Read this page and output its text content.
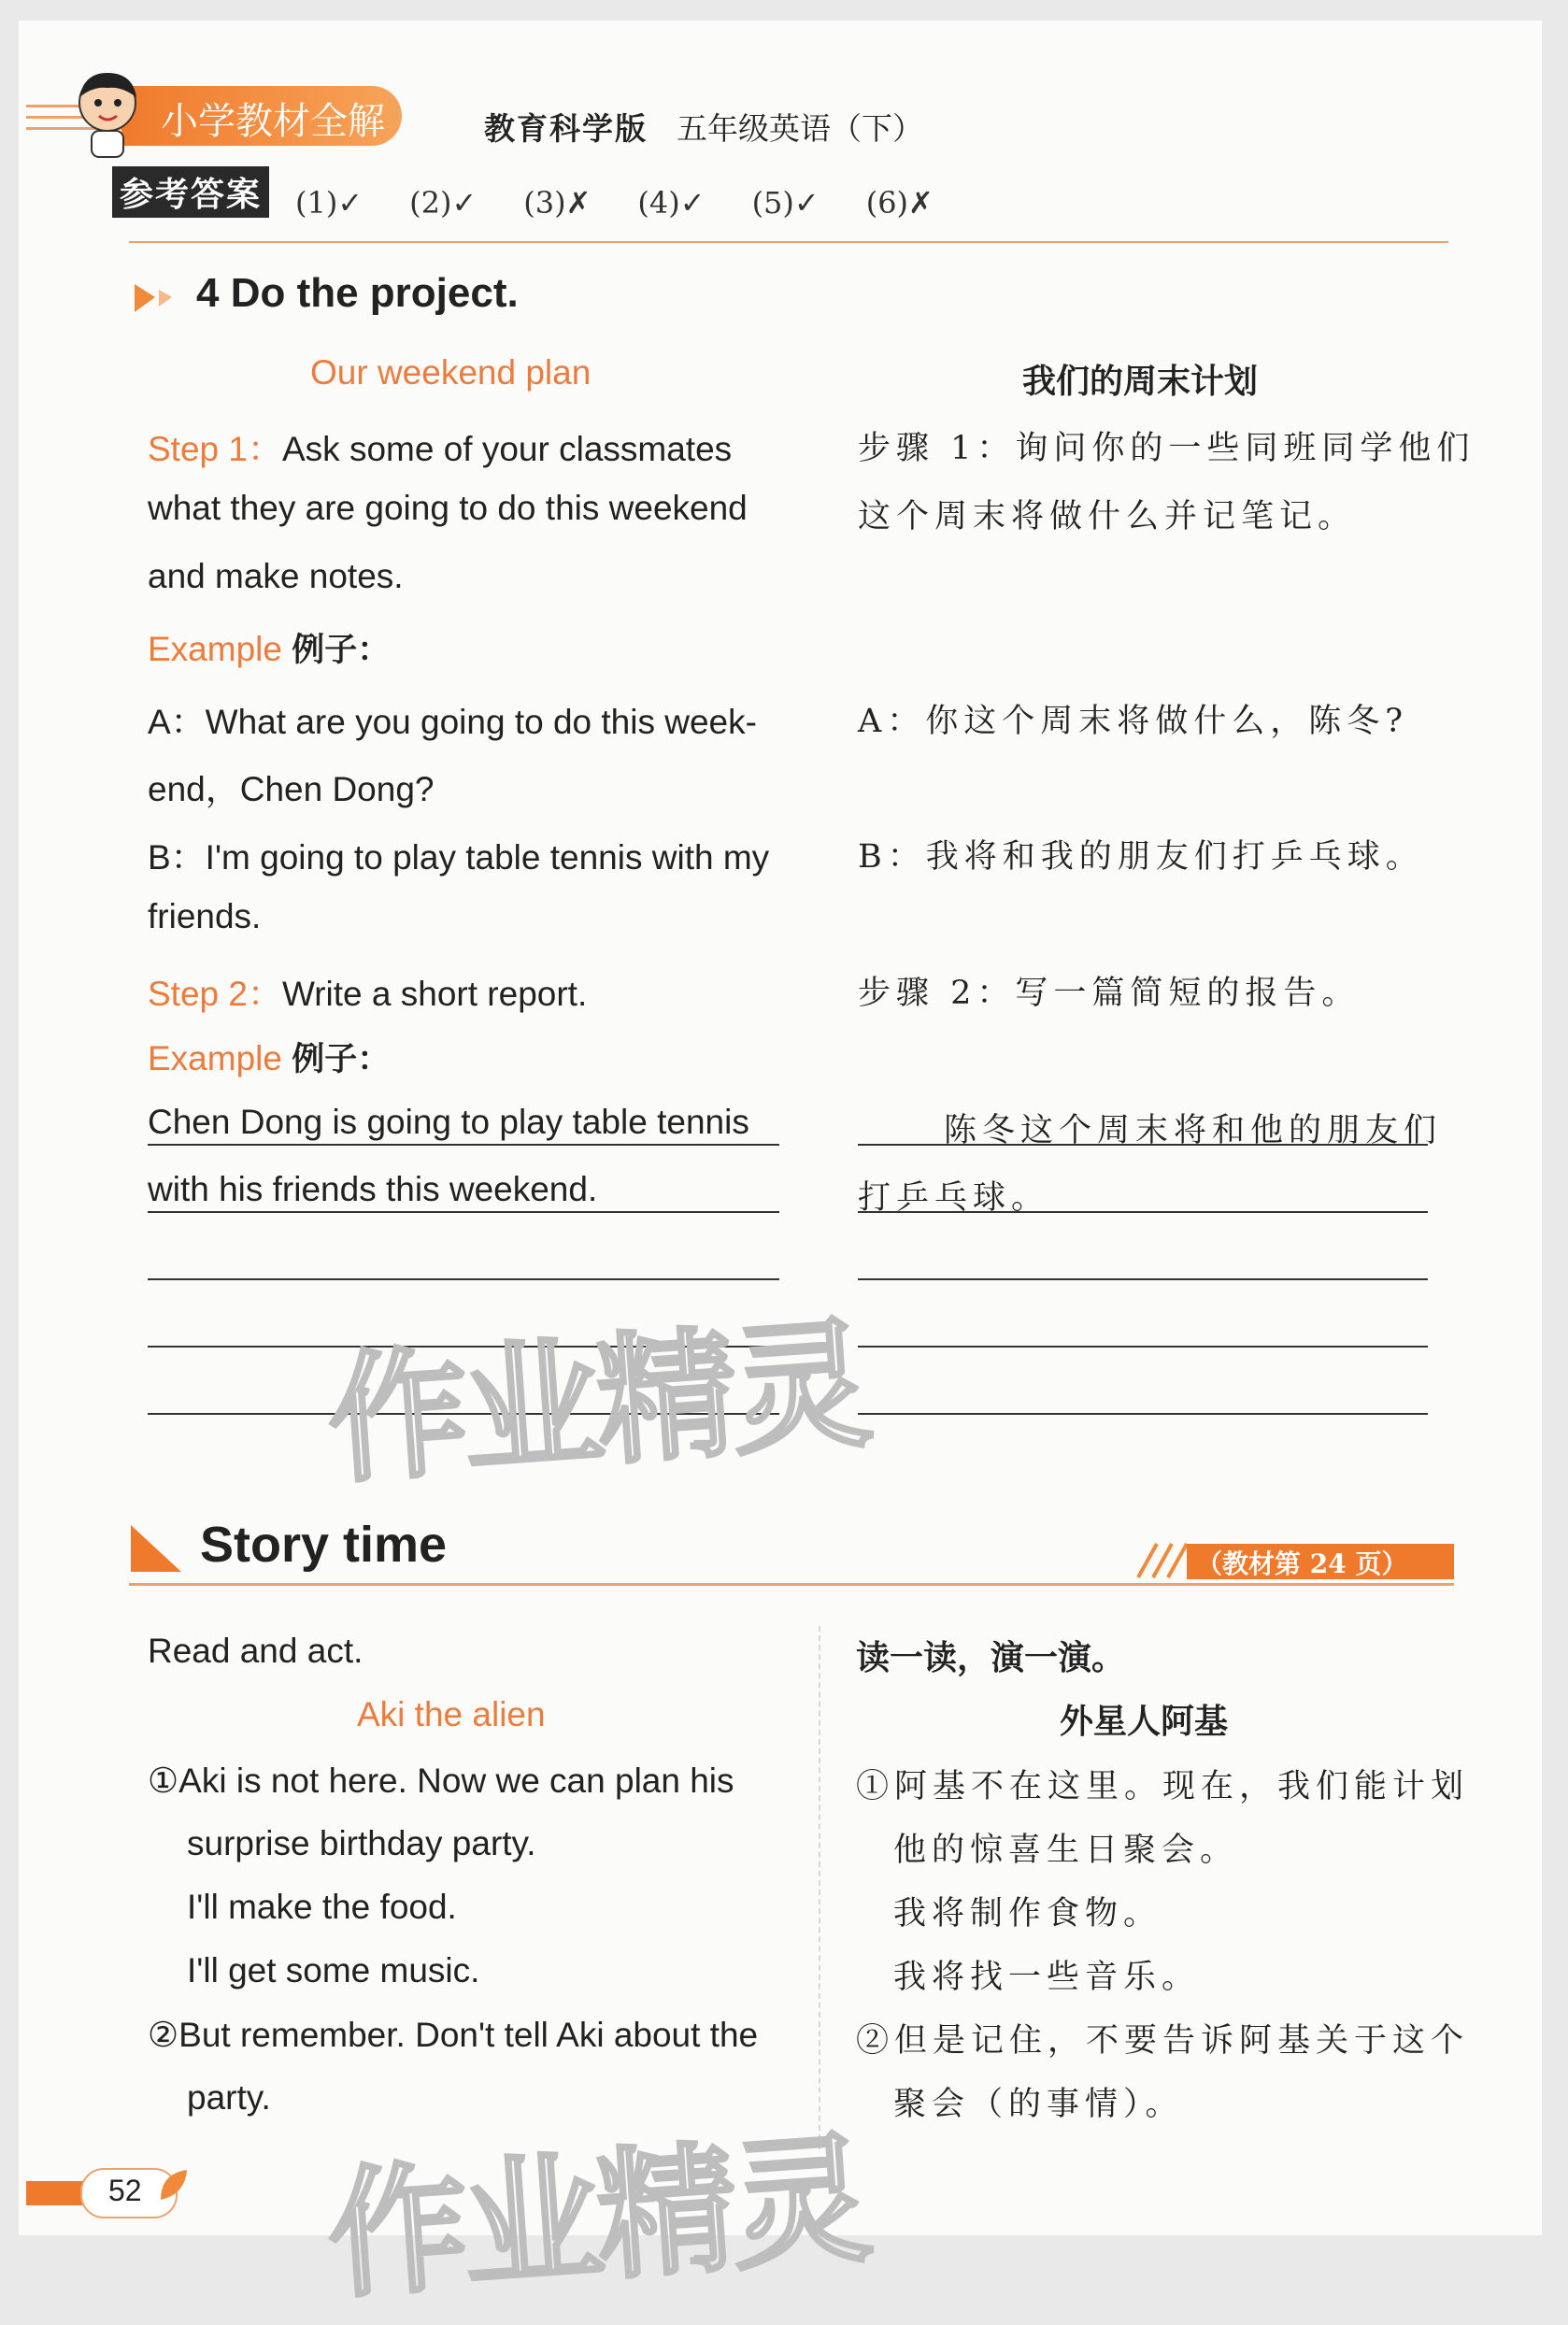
小学教材全解	教育科学版 五年级英语（下）
参考答案 (1)✓ (2)✓ (3)✗ (4)✓ (5)✓ (6)✗
4 Do the project.
Our weekend plan
Step 1：Ask some of your classmates
what they are going to do this weekend
and make notes.
Example 例子：
A：What are you going to do this week-
end，Chen Dong?
B：I'm going to play table tennis with my
friends.
Step 2：Write a short report.
Example 例子：
Chen Dong is going to play table tennis
with his friends this weekend.
我们的周末计划
步骤 1：询问你的一些同班同学他们
这个周末将做什么并记笔记。
A：你这个周末将做什么，陈冬?
B：我将和我的朋友们打乒乓球。
步骤 2：写一篇简短的报告。
陈冬这个周末将和他的朋友们
打乒乓球。
作业精灵
Story time	（教材第 24 页）
Read and act.
Aki the alien
①Aki is not here. Now we can plan his
surprise birthday party.
I'll make the food.
I'll get some music.
②But remember. Don't tell Aki about the
party.
读一读，演一演。
外星人阿基
①阿基不在这里。现在，我们能计划
他的惊喜生日聚会。
我将制作食物。
我将找一些音乐。
②但是记住，不要告诉阿基关于这个
聚会（的事情）。
作业精灵
52
